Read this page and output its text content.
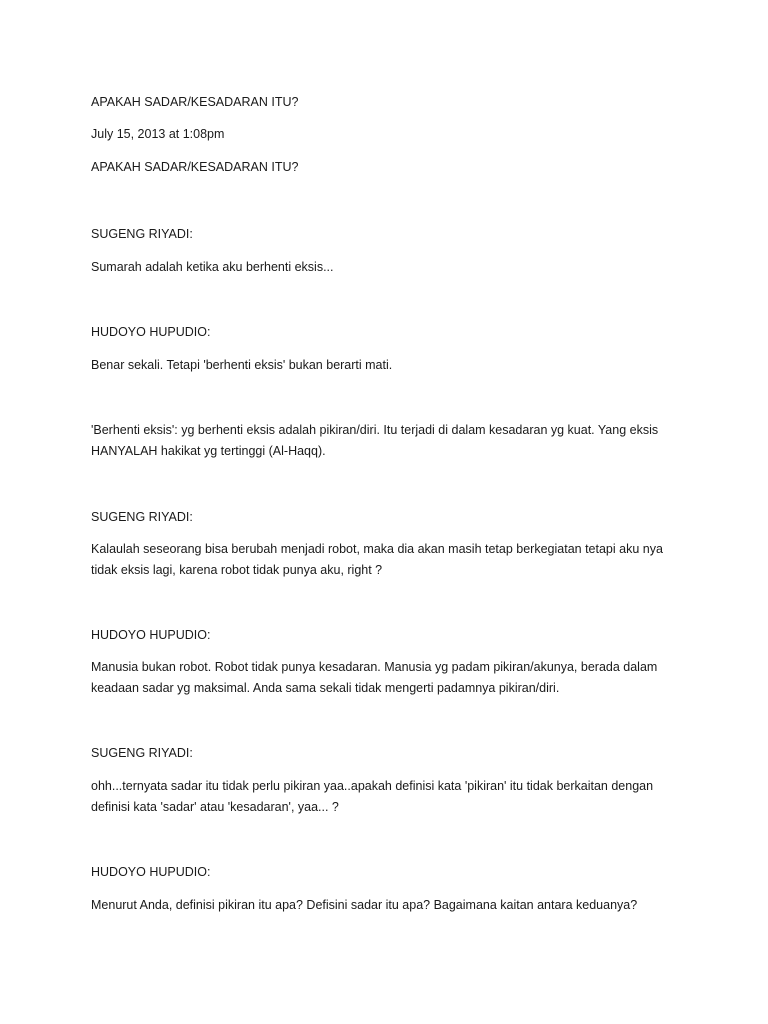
APAKAH SADAR/KESADARAN ITU?

July 15, 2013 at 1:08pm

APAKAH SADAR/KESADARAN ITU?

SUGENG RIYADI:

Sumarah adalah ketika aku berhenti eksis...

HUDOYO HUPUDIO:

Benar sekali. Tetapi 'berhenti eksis' bukan berarti mati.

'Berhenti eksis': yg berhenti eksis adalah pikiran/diri. Itu terjadi di dalam kesadaran yg kuat. Yang eksis HANYALAH hakikat yg tertinggi (Al-Haqq).

SUGENG RIYADI:

Kalaulah seseorang bisa berubah menjadi robot, maka dia akan masih tetap berkegiatan tetapi aku nya tidak eksis lagi, karena robot tidak punya aku, right ?

HUDOYO HUPUDIO:

Manusia bukan robot. Robot tidak punya kesadaran. Manusia yg padam pikiran/akunya, berada dalam keadaan sadar yg maksimal. Anda sama sekali tidak mengerti padamnya pikiran/diri.

SUGENG RIYADI:

ohh...ternyata sadar itu tidak perlu pikiran yaa..apakah definisi kata 'pikiran' itu tidak berkaitan dengan definisi kata 'sadar' atau 'kesadaran', yaa... ?

HUDOYO HUPUDIO:

Menurut Anda, definisi pikiran itu apa? Defisini sadar itu apa? Bagaimana kaitan antara keduanya?
